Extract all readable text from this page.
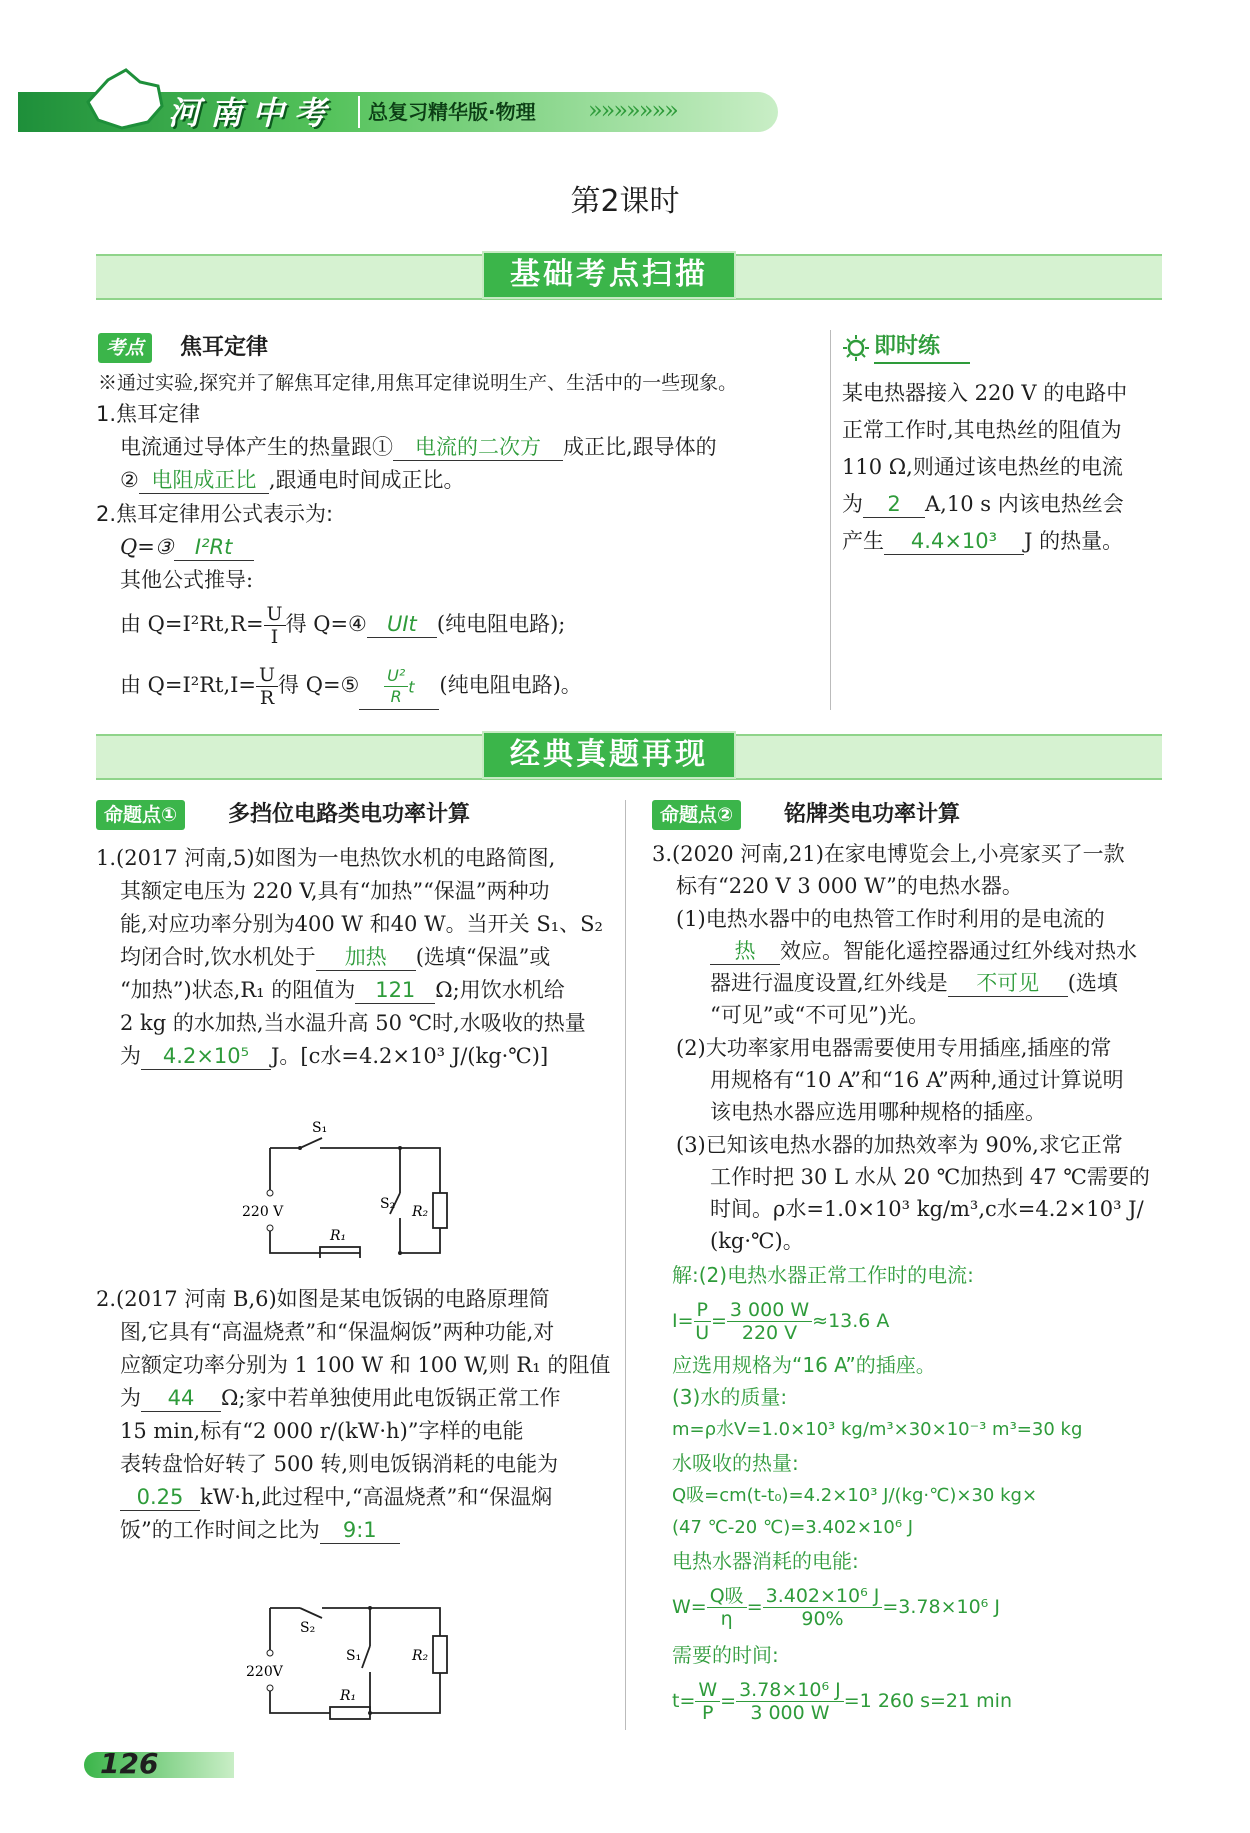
河南中考 总复习精华版·物理 »»»»»»»
第2课时
基础考点扫描
考点	焦耳定律
※通过实验,探究并了解焦耳定律,用焦耳定律说明生产、生活中的一些现象。
1.焦耳定律
电流通过导体产生的热量跟① 电流的二次方 成正比,跟导体的
② 电阻成正比 ,跟通电时间成正比。
2.焦耳定律用公式表示为:
Q=③ I²Rt
其他公式推导:
由 $Q=I^2Rt,R= \frac{U}{I}$ 得 Q=④ UIt (纯电阻电路);
由 $Q=I^2Rt,I= \frac{U}{R}$ 得 Q=⑤ $\frac{\text{U²}}{R}$ t (纯电阻电路)。
即时练
某电热器接入 220 V 的电路中
正常工作时,其电热丝的阻值为
110 Ω,则通过该电热丝的电流
为 2 A,10 s 内该电热丝会
产生 4.4×10³ J 的热量。
经典真题再现
命题点①	多挡位电路类电功率计算
1.(2017 河南,5)如图为一电热饮水机的电路简图,
其额定电压为 220 V,具有“加热”“保温”两种功
能,对应功率分别为400 W 和40 W。当开关 S₁、S₂
均闭合时,饮水机处于 加热 (选填“保温”或
“加热”)状态,R₁ 的阻值为 121 Ω;用饮水机给
2 kg 的水加热,当水温升高 50 ℃时,水吸收的热量
为 4.2×10⁵ J。[c水=4.2×10³ J/(kg·℃)]
S₁
S₂ R₂
R₁
220 V
2.(2017 河南 B,6)如图是某电饭锅的电路原理简
图,它具有“高温烧煮”和“保温焖饭”两种功能,对
应额定功率分别为 1 100 W 和 100 W,则 R₁ 的阻值
为 44 Ω;家中若单独使用此电饭锅正常工作
15 min,标有“2 000 r/(kW·h)”字样的电能
表转盘恰好转了 500 转,则电饭锅消耗的电能为
0.25 kW·h,此过程中,“高温烧煮”和“保温焖
饭”的工作时间之比为 9:1
S₂
S₁	R₂
R₁
220V
命题点②	铭牌类电功率计算
3.(2020 河南,21)在家电博览会上,小亮家买了一款
标有“220 V 3 000 W”的电热水器。
(1)电热水器中的电热管工作时利用的是电流的
热 效应。智能化遥控器通过红外线对热水
器进行温度设置,红外线是 不可见 (选填
“可见”或“不可见”)光。
(2)大功率家用电器需要使用专用插座,插座的常
用规格有“10 A”和“16 A”两种,通过计算说明
该电热水器应选用哪种规格的插座。
(3)已知该电热水器的加热效率为 90%,求它正常
工作时把 30 L 水从 20 ℃加热到 47 ℃需要的
时间。ρ水=1.0×10³ kg/m³,c水=4.2×10³ J/
(kg·℃)。
解:(2)电热水器正常工作时的电流:
$I= \frac{P}{U} = \frac{3 000 W}{220 V} \approx 13.6$ A
应选用规格为“16 A”的插座。
(3)水的质量:
m=ρ水V=1.0×10³ kg/m³×30×10⁻³ m³=30 kg
水吸收的热量:
Q吸=cm(t-t₀)=4.2×10³ J/(kg·℃)×30 kg×
(47 ℃-20 ℃)=3.402×10⁶ J
电热水器消耗的电能:
$W= \frac{\text{Q吸}}{\eta} = \frac{\text{3.402×10⁶ J}}{90\%} =3.78\times 10^6$ J
需要的时间:
$t= \frac{W}{P} = \frac{\text{3.78×10⁶ J}}{3 000 W} =1$ 260 s=21 min
126
